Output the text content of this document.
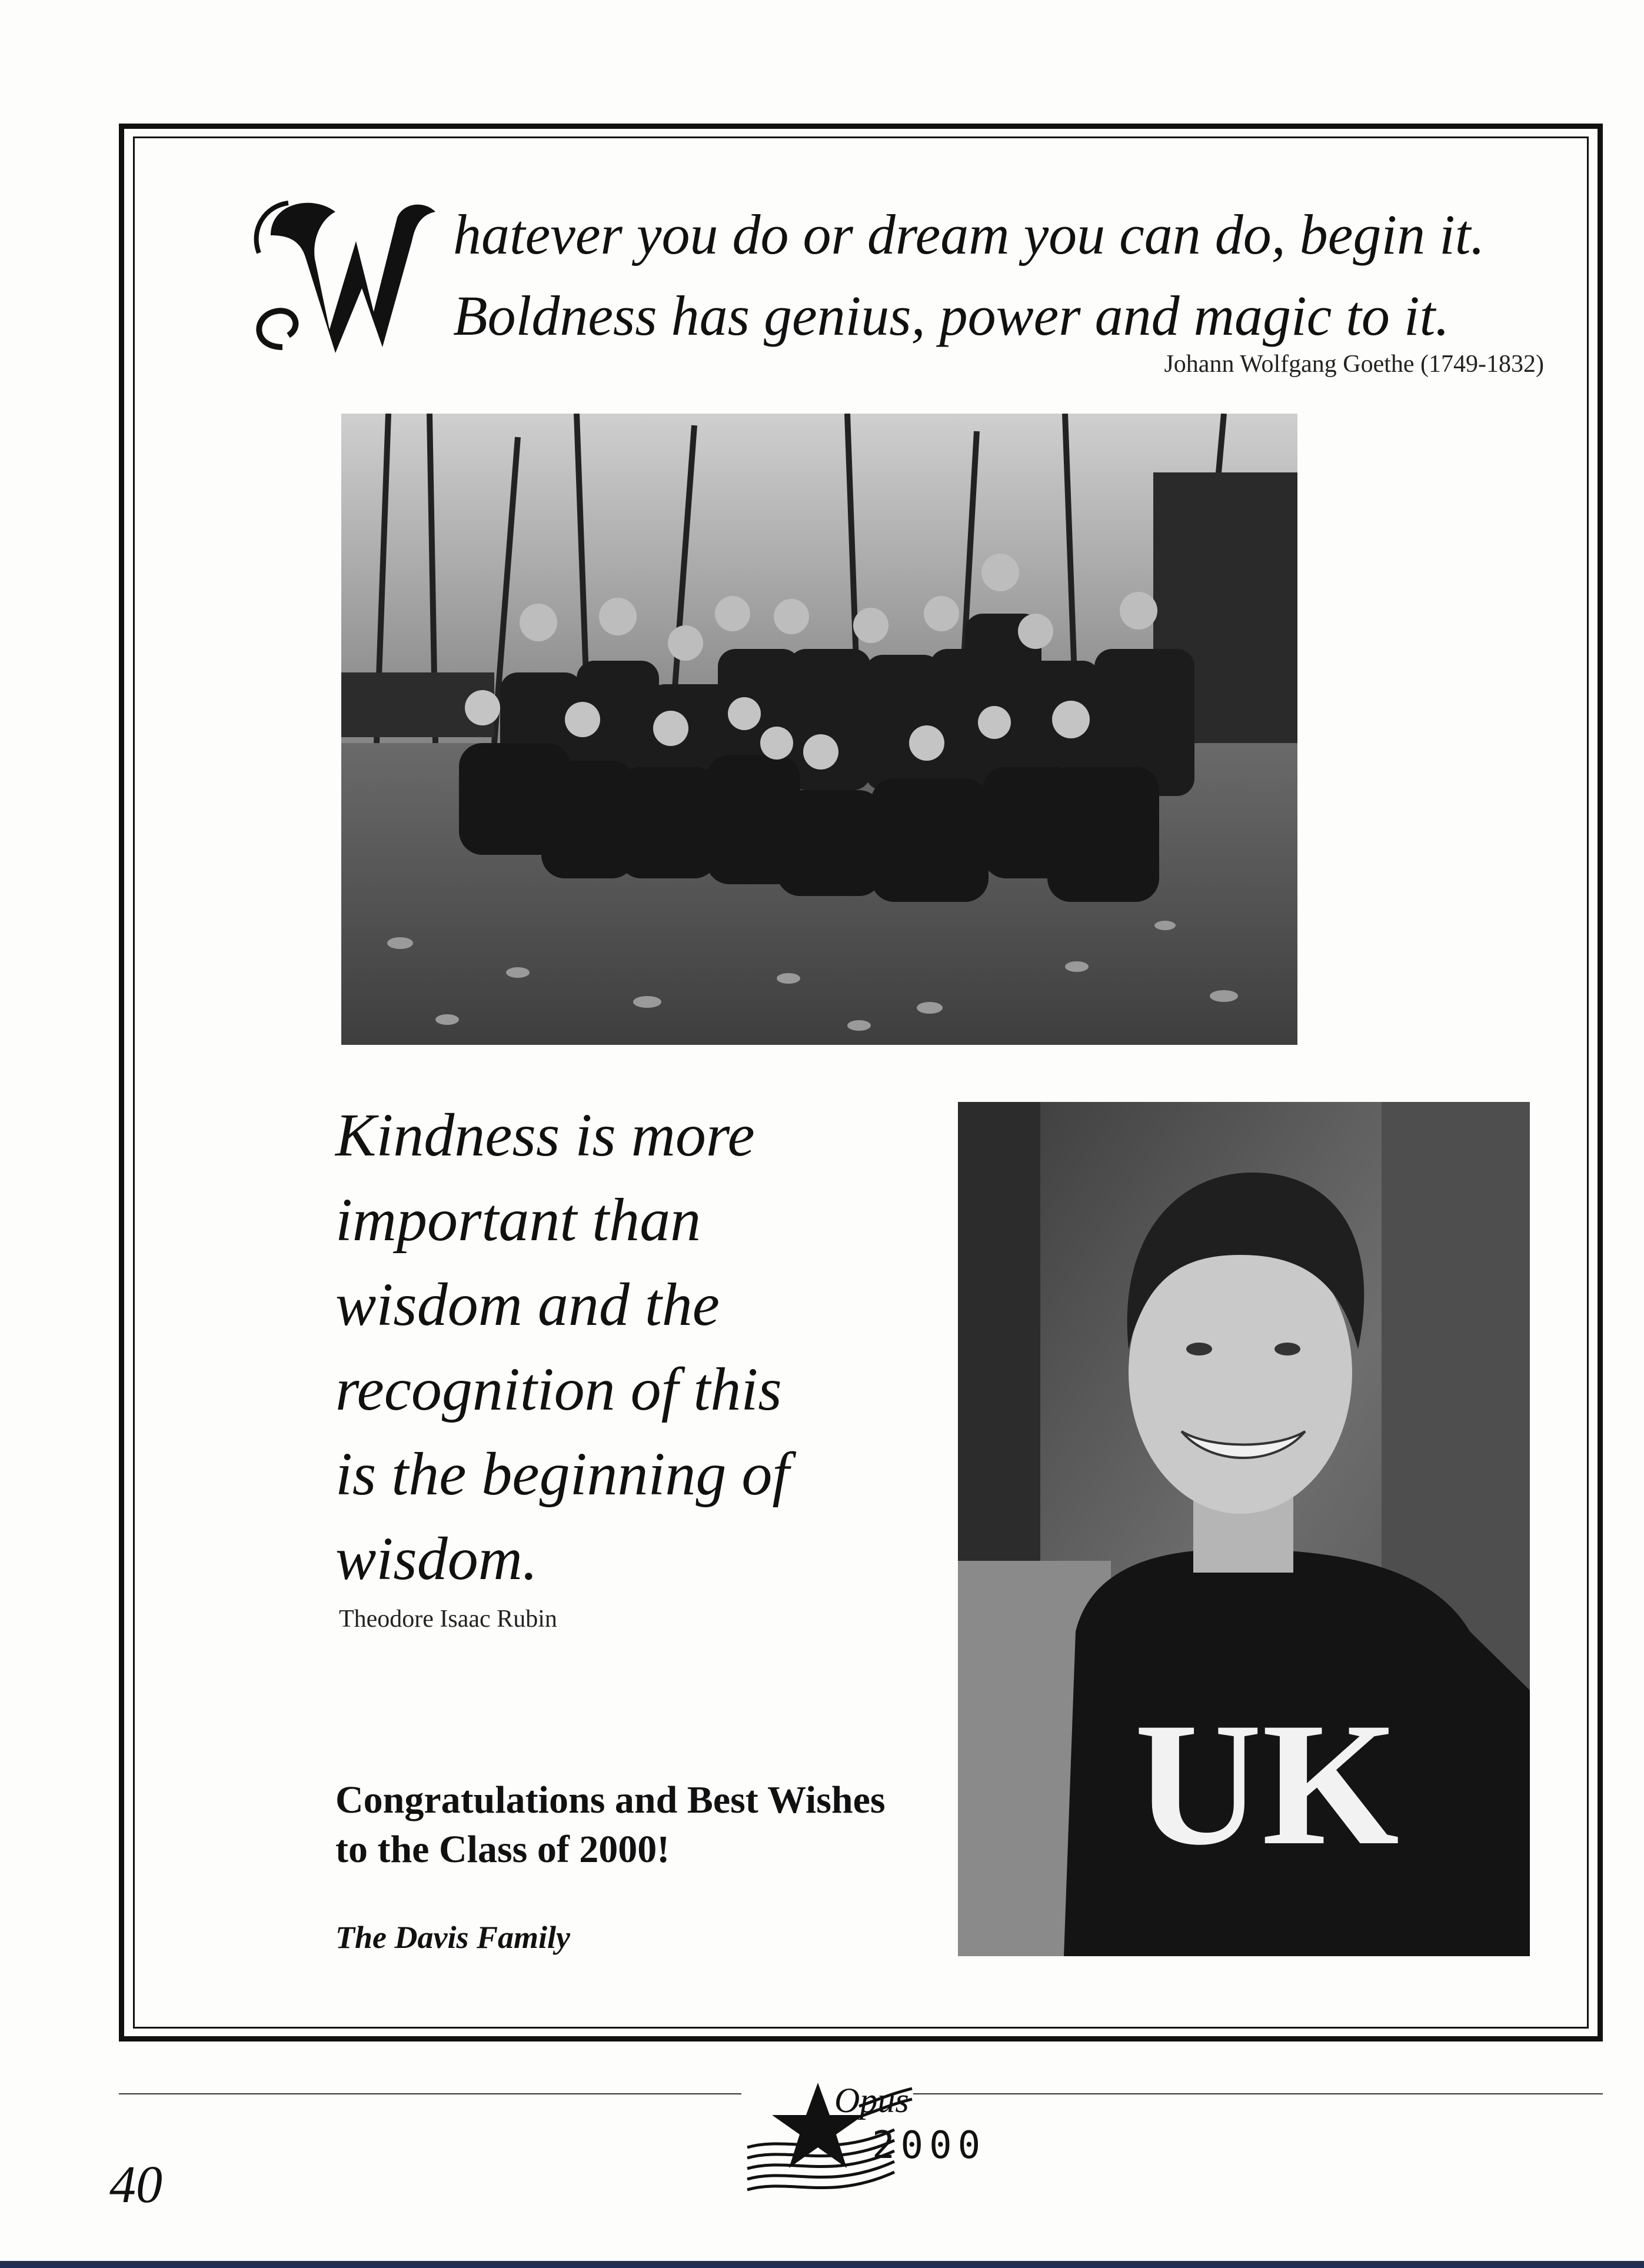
W
hatever you do or dream you can do, begin it.
Boldness has genius, power and magic to it.
Johann Wolfgang Goethe (1749-1832)
Kindness is more
important than
wisdom and the
recognition of this
is the beginning of
wisdom.
Theodore Isaac Rubin
UK
Congratulations and Best Wishes
to the Class of 2000!
The Davis Family
Opus
2000
40
